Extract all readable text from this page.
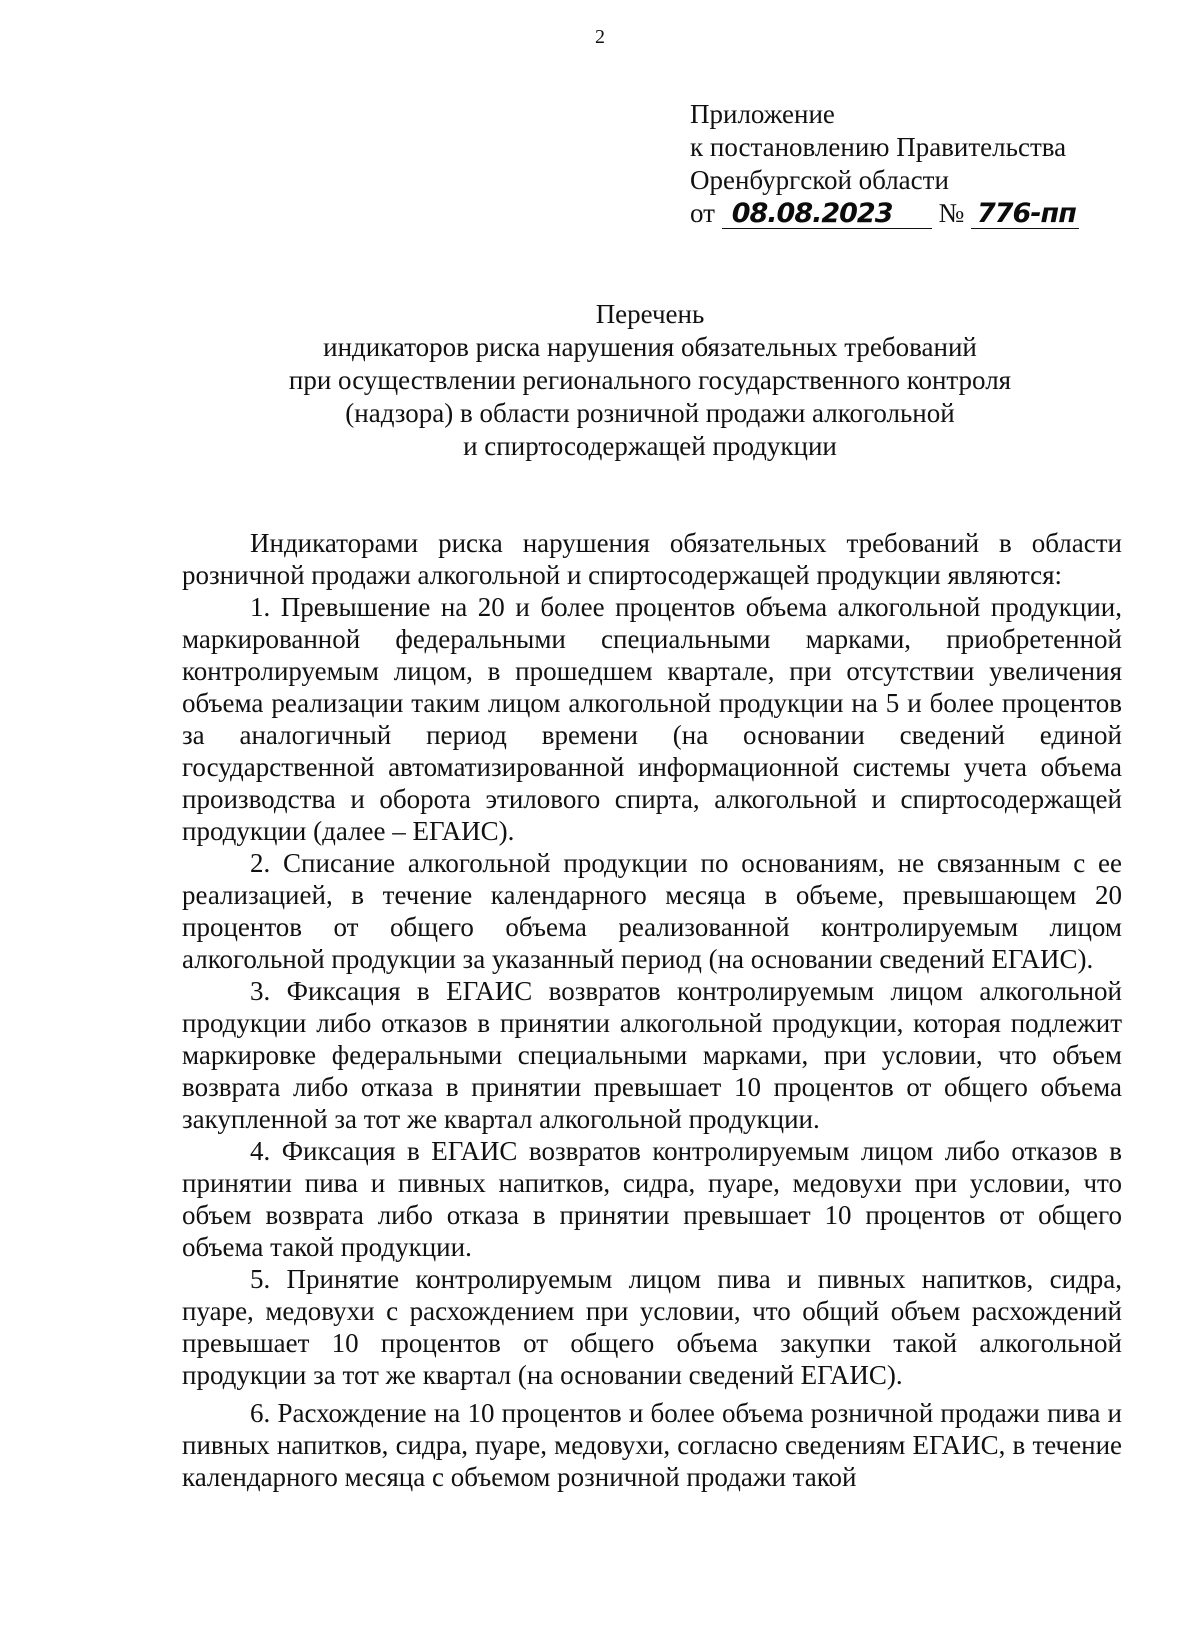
2
Приложение
к постановлению Правительства
Оренбургской области
от 08.08.2023 № 776-пп
Перечень
индикаторов риска нарушения обязательных требований
при осуществлении регионального государственного контроля
(надзора) в области розничной продажи алкогольной
и спиртосодержащей продукции

Индикаторами риска нарушения обязательных требований в области розничной продажи алкогольной и спиртосодержащей продукции являются:

1. Превышение на 20 и более процентов объема алкогольной продукции, маркированной федеральными специальными марками, приобретенной контролируемым лицом, в прошедшем квартале, при отсутствии увеличения объема реализации таким лицом алкогольной продукции на 5 и более процентов за аналогичный период времени (на основании сведений единой государственной автоматизированной информационной системы учета объема производства и оборота этилового спирта, алкогольной и спиртосодержащей продукции (далее – ЕГАИС).

2. Списание алкогольной продукции по основаниям, не связанным с ее реализацией, в течение календарного месяца в объеме, превышающем 20 процентов от общего объема реализованной контролируемым лицом алкогольной продукции за указанный период (на основании сведений ЕГАИС).

3. Фиксация в ЕГАИС возвратов контролируемым лицом алкогольной продукции либо отказов в принятии алкогольной продукции, которая подлежит маркировке федеральными специальными марками, при условии, что объем возврата либо отказа в принятии превышает 10 процентов от общего объема закупленной за тот же квартал алкогольной продукции.

4. Фиксация в ЕГАИС возвратов контролируемым лицом либо отказов в принятии пива и пивных напитков, сидра, пуаре, медовухи при условии, что объем возврата либо отказа в принятии превышает 10 процентов от общего объема такой продукции.

5. Принятие контролируемым лицом пива и пивных напитков, сидра, пуаре, медовухи с расхождением при условии, что общий объем расхождений превышает 10 процентов от общего объема закупки такой алкогольной продукции за тот же квартал (на основании сведений ЕГАИС).

6. Расхождение на 10 процентов и более объема розничной продажи пива и пивных напитков, сидра, пуаре, медовухи, согласно сведениям ЕГАИС, в течение календарного месяца с объемом розничной продажи такой
